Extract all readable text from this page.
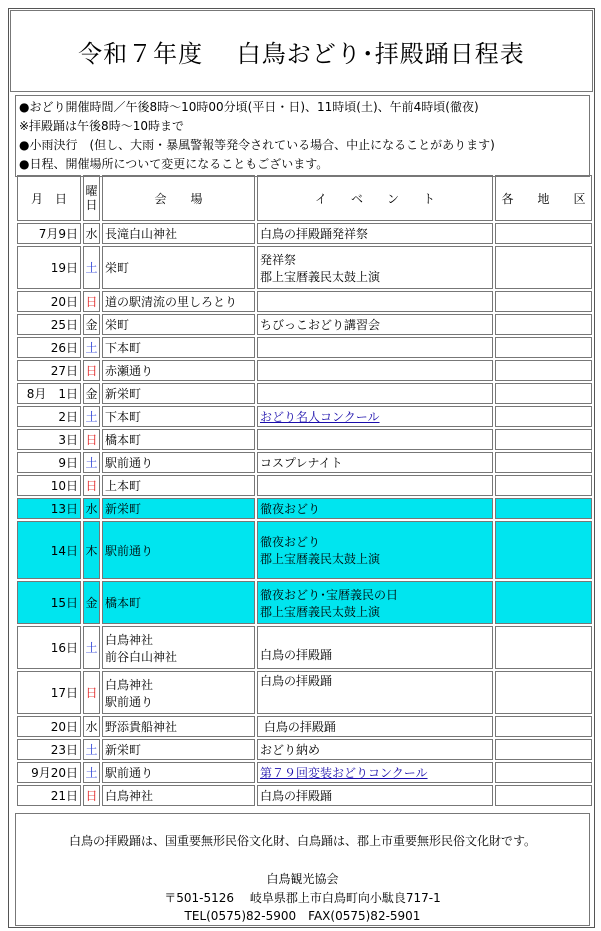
令和７年度　 白鳥おどり･拝殿踊日程表
●おどり開催時間／午後8時～10時00分頃(平日・日)、11時頃(土)、午前4時頃(徹夜)
※拝殿踊は午後8時～10時まで
●小雨決行　(但し、大雨・暴風警報等発令されている場合、中止になることがあります)
●日程、開催場所について変更になることもございます。
月　日	曜日	会　　場	イ　　ベ　　ン　　ト	各　　地　　区
7月9日	水	長滝白山神社	白鳥の拝殿踊発祥祭	

19日	土	栄町	発祥祭
郡上宝暦義民太鼓上演	

20日	日	道の駅清流の里しろとり		

25日	金	栄町	ちびっこおどり講習会	

26日	土	下本町		

27日	日	赤瀬通り		

8月　1日	金	新栄町		

2日	土	下本町	おどり名人コンクール	
3日	日	橋本町		

9日	土	駅前通り	コスプレナイト	

10日	日	上本町		

13日	水	新栄町	徹夜おどり	

14日	木	駅前通り	徹夜おどり
郡上宝暦義民太鼓上演	

15日	金	橋本町	徹夜おどり･宝暦義民の日
郡上宝暦義民太鼓上演	

16日	土	白鳥神社
前谷白山神社	白鳥の拝殿踊	

17日	日	白鳥神社
駅前通り	白鳥の拝殿踊	

20日	水	野添貴船神社	白鳥の拝殿踊	

23日	土	新栄町	おどり納め	

9月20日	土	駅前通り	第７９回変装おどりコンクール	
21日	日	白鳥神社	白鳥の拝殿踊	

白鳥の拝殿踊は、国重要無形民俗文化財、白鳥踊は、郡上市重要無形民俗文化財です。
白鳥観光協会
〒501-5126　 岐阜県郡上市白鳥町向小駄良717-1
TEL(0575)82-5900　FAX(0575)82-5901
